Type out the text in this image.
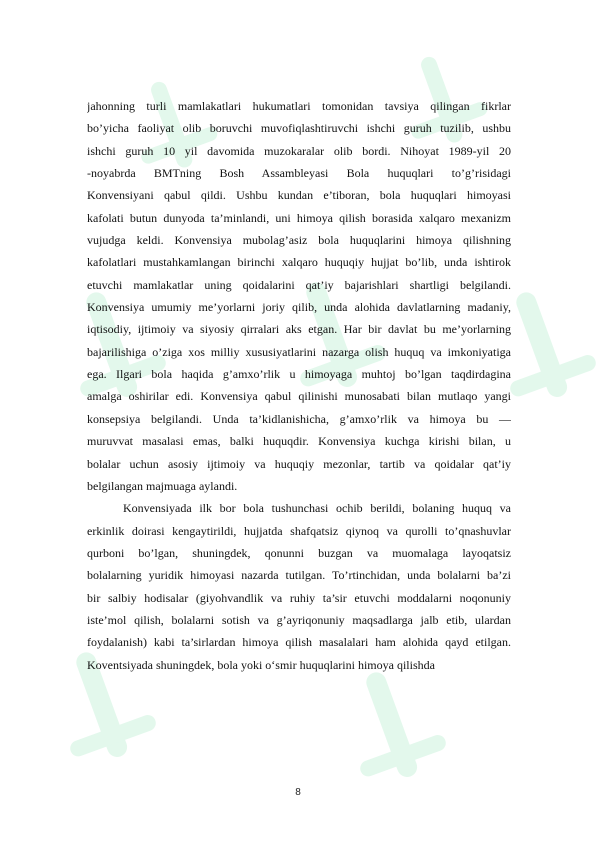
jahonning turli mamlakatlari hukumatlari tomonidan tavsiya qilingan fikrlar
bo’yicha faoliyat olib boruvchi muvofiqlashtiruvchi ishchi guruh tuzilib, ushbu
ishchi guruh 10 yil davomida muzokaralar olib bordi. Nihoyat 1989-yil 20
-noyabrda BMTning Bosh Assambleyasi Bola huquqlari to’g’risidagi
Konvensiyani qabul qildi. Ushbu kundan e’tiboran, bola huquqlari himoyasi
kafolati butun dunyoda ta’minlandi, uni himoya qilish borasida xalqaro mexanizm
vujudga keldi. Konvensiya mubolag’asiz bola huquqlarini himoya qilishning
kafolatlari mustahkamlangan birinchi xalqaro huquqiy hujjat bo’lib, unda ishtirok
etuvchi mamlakatlar uning qoidalarini qat’iy bajarishlari shartligi belgilandi.
Konvensiya umumiy me’yorlarni joriy qilib, unda alohida davlatlarning madaniy,
iqtisodiy, ijtimoiy va siyosiy qirralari aks etgan. Har bir davlat bu me’yorlarning
bajarilishiga o’ziga xos milliy xususiyatlarini nazarga olish huquq va imkoniyatiga
ega. Ilgari bola haqida g’amxo’rlik u himoyaga muhtoj bo’lgan taqdirdagina
amalga oshirilar edi. Konvensiya qabul qilinishi munosabati bilan mutlaqo yangi
konsepsiya belgilandi. Unda ta’kidlanishicha, g’amxo’rlik va himoya bu —
muruvvat masalasi emas, balki huquqdir. Konvensiya kuchga kirishi bilan, u
bolalar uchun asosiy ijtimoiy va huquqiy mezonlar, tartib va qoidalar qat’iy
belgilangan majmuaga aylandi.
Konvensiyada ilk bor bola tushunchasi ochib berildi, bolaning huquq va
erkinlik doirasi kengaytirildi, hujjatda shafqatsiz qiynoq va qurolli to’qnashuvlar
qurboni bo’lgan, shuningdek, qonunni buzgan va muomalaga layoqatsiz
bolalarning yuridik himoyasi nazarda tutilgan. To’rtinchidan, unda bolalarni ba’zi
bir salbiy hodisalar (giyohvandlik va ruhiy ta’sir etuvchi moddalarni noqonuniy
iste’mol qilish, bolalarni sotish va g’ayriqonuniy maqsadlarga jalb etib, ulardan
foydalanish) kabi ta’sirlardan himoya qilish masalalari ham alohida qayd etilgan.
Koventsiyada shuningdek, bola yoki o‘smir huquqlarini himoya qilishda
8
